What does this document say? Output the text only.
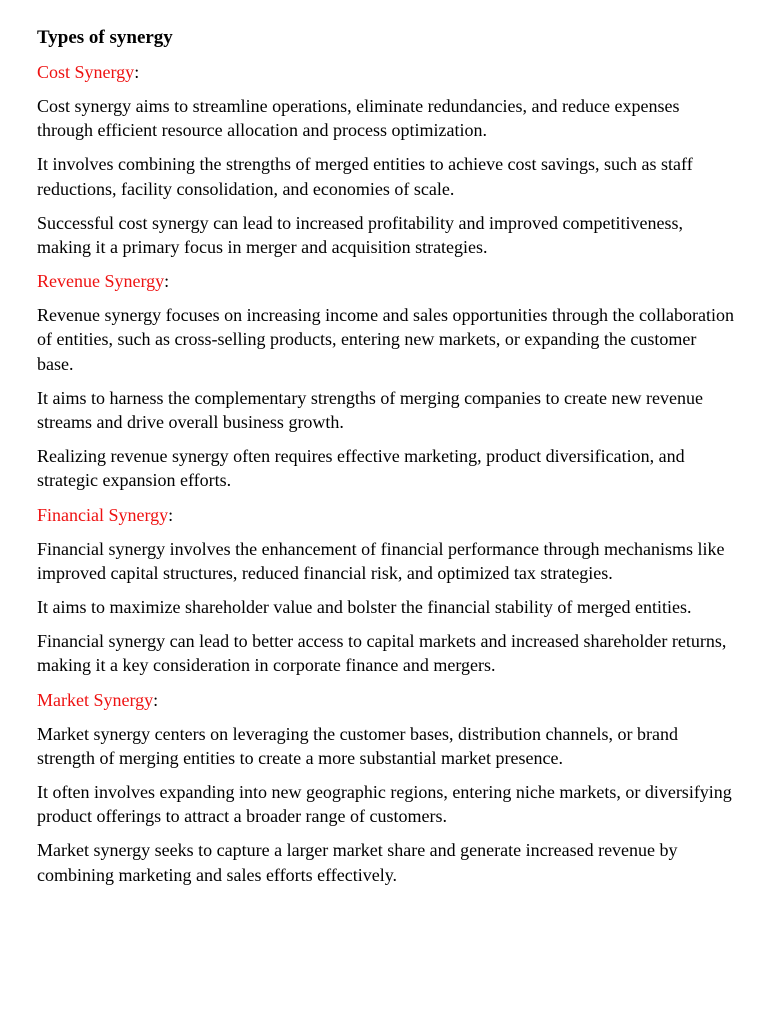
Types of synergy
Cost Synergy:

Cost synergy aims to streamline operations, eliminate redundancies, and reduce expenses through efficient resource allocation and process optimization.

It involves combining the strengths of merged entities to achieve cost savings, such as staff reductions, facility consolidation, and economies of scale.

Successful cost synergy can lead to increased profitability and improved competitiveness, making it a primary focus in merger and acquisition strategies.

Revenue Synergy:

Revenue synergy focuses on increasing income and sales opportunities through the collaboration of entities, such as cross-selling products, entering new markets, or expanding the customer base.

It aims to harness the complementary strengths of merging companies to create new revenue streams and drive overall business growth.

Realizing revenue synergy often requires effective marketing, product diversification, and strategic expansion efforts.

Financial Synergy:

Financial synergy involves the enhancement of financial performance through mechanisms like improved capital structures, reduced financial risk, and optimized tax strategies.

It aims to maximize shareholder value and bolster the financial stability of merged entities.

Financial synergy can lead to better access to capital markets and increased shareholder returns, making it a key consideration in corporate finance and mergers.

Market Synergy:

Market synergy centers on leveraging the customer bases, distribution channels, or brand strength of merging entities to create a more substantial market presence.

It often involves expanding into new geographic regions, entering niche markets, or diversifying product offerings to attract a broader range of customers.

Market synergy seeks to capture a larger market share and generate increased revenue by combining marketing and sales efforts effectively.
